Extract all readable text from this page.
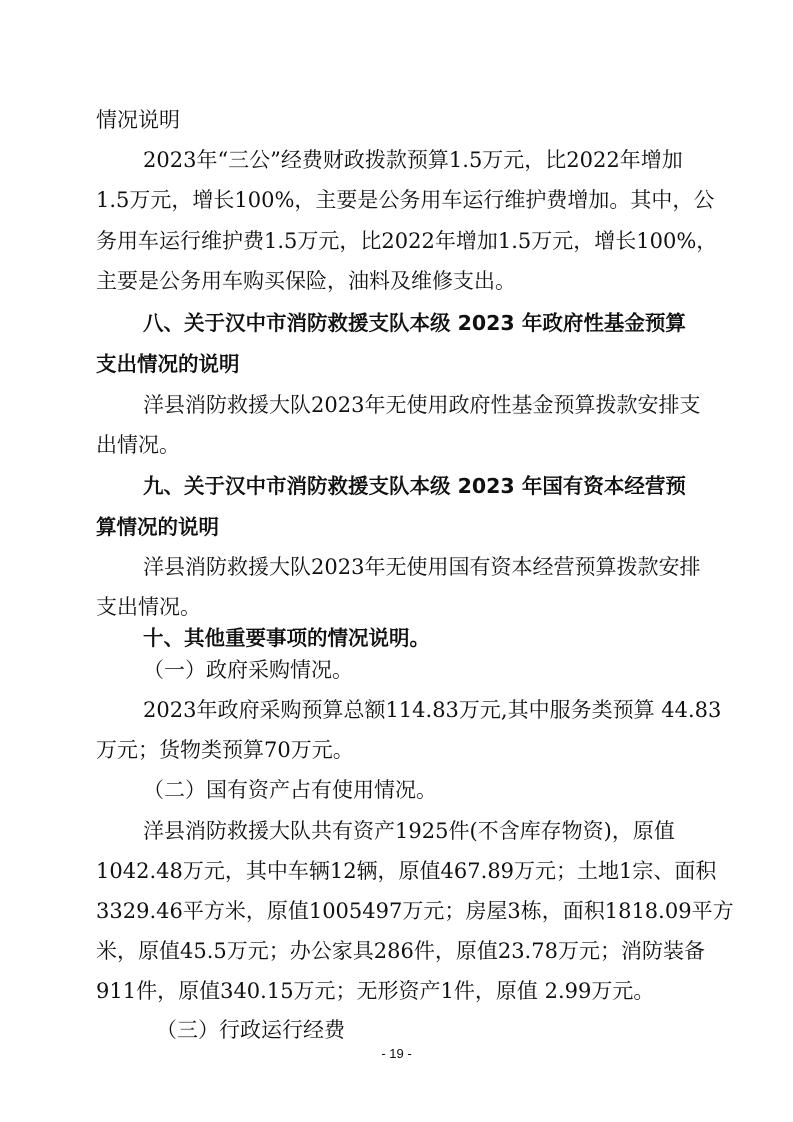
情况说明
2023年“三公”经费财政拨款预算1.5万元，比2022年增加
1.5万元，增长100%，主要是公务用车运行维护费增加。其中，公
务用车运行维护费1.5万元，比2022年增加1.5万元，增长100%，
主要是公务用车购买保险，油料及维修支出。
八、关于汉中市消防救援支队本级 2023 年政府性基金预算
支出情况的说明
洋县消防救援大队2023年无使用政府性基金预算拨款安排支
出情况。
九、关于汉中市消防救援支队本级 2023 年国有资本经营预
算情况的说明
洋县消防救援大队2023年无使用国有资本经营预算拨款安排
支出情况。
十、其他重要事项的情况说明。
（一）政府采购情况。
2023年政府采购预算总额114.83万元,其中服务类预算 44.83
万元；货物类预算70万元。
（二）国有资产占有使用情况。
洋县消防救援大队共有资产1925件(不含库存物资)，原值
1042.48万元，其中车辆12辆，原值467.89万元；土地1宗、面积
3329.46平方米，原值1005497万元；房屋3栋，面积1818.09平方
米，原值45.5万元；办公家具286件，原值23.78万元；消防装备
911件，原值340.15万元；无形资产1件，原值 2.99万元。
（三）行政运行经费
- 19 -
